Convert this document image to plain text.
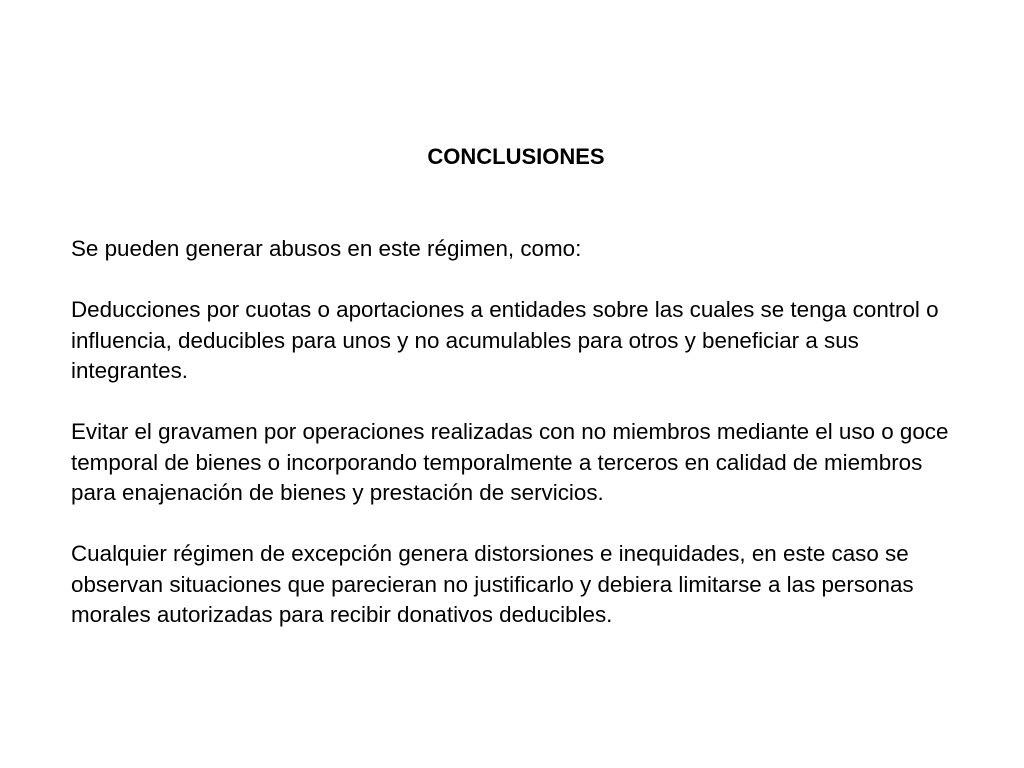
CONCLUSIONES

Se pueden generar abusos en este régimen, como:

Deducciones por cuotas o aportaciones a entidades sobre las cuales se tenga control o influencia, deducibles para unos y no acumulables para otros y beneficiar a sus integrantes.

Evitar el gravamen por operaciones realizadas con no miembros mediante el uso o goce temporal de bienes o incorporando temporalmente a terceros en calidad de miembros para enajenación de bienes y prestación de servicios.

Cualquier régimen de excepción genera distorsiones e inequidades, en este caso se observan situaciones que parecieran no justificarlo y debiera limitarse a las personas morales autorizadas para recibir donativos deducibles.
